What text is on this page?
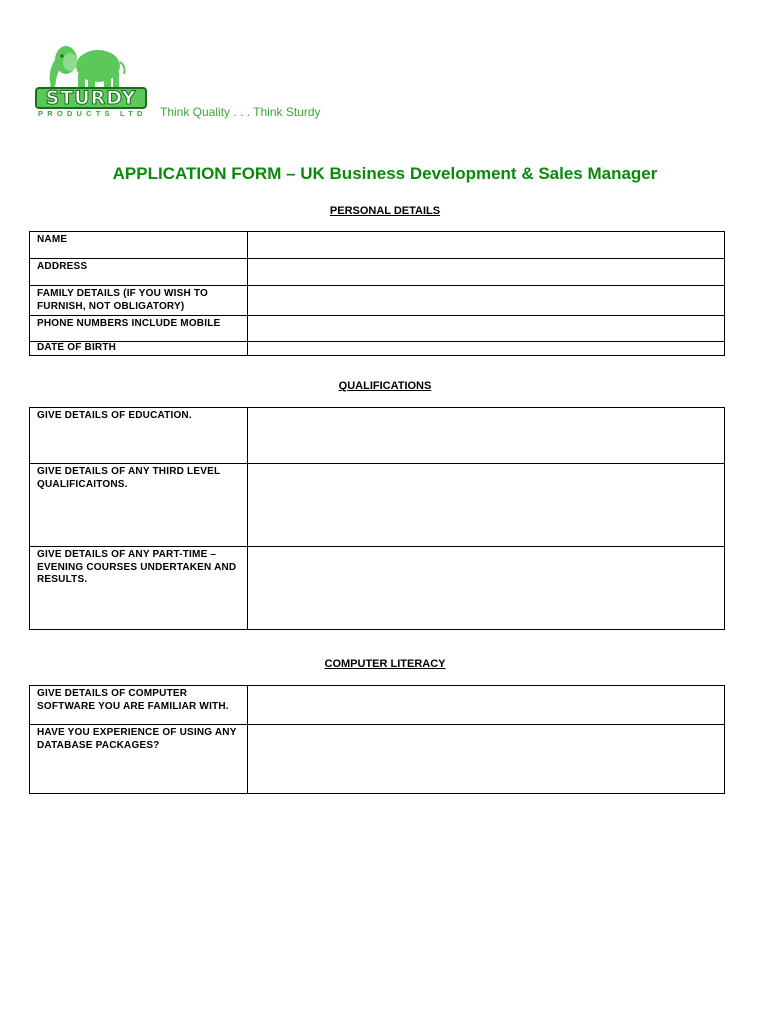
STURDY
PRODUCTS LTD Think Quality . . . Think Sturdy
APPLICATION FORM – UK Business Development & Sales Manager
PERSONAL DETAILS
NAME	
ADDRESS	
FAMILY DETAILS (IF YOU WISH TO FURNISH, NOT OBLIGATORY)	
PHONE NUMBERS INCLUDE MOBILE	
DATE OF BIRTH	
QUALIFICATIONS
GIVE DETAILS OF EDUCATION.	
GIVE DETAILS OF ANY THIRD LEVEL QUALIFICAITONS.	
GIVE DETAILS OF ANY PART-TIME – EVENING COURSES UNDERTAKEN AND RESULTS.	
COMPUTER LITERACY
GIVE DETAILS OF COMPUTER SOFTWARE YOU ARE FAMILIAR WITH.	
HAVE YOU EXPERIENCE OF USING ANY DATABASE PACKAGES?	
